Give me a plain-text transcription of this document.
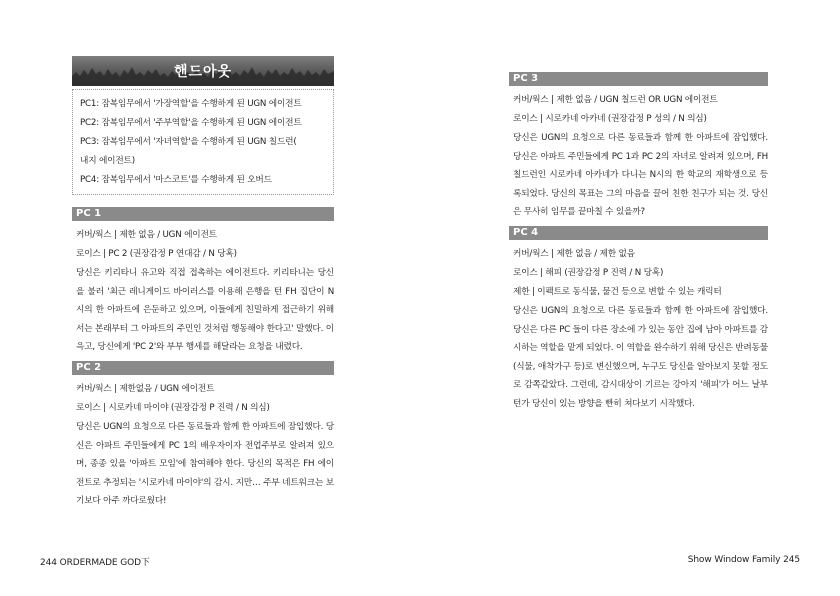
핸드아웃
PC1: 잠복임무에서 '가장역할'을 수행하게 된 UGN 에이전트
PC2: 잠복임무에서 '주부역할'을 수행하게 된 UGN 에이전트
PC3: 잠복임무에서 '자녀역할'을 수행하게 된 UGN 칠드런(
내지 에이전트)
PC4: 잠복임무에서 '마스코트'를 수행하게 된 오버드
PC 1
커버/웍스 | 제한 없음 / UGN 에이전트
로이스 | PC 2 (권장감정 P 연대감 / N 당혹)
당신은 키리타니 유고와 직접 접촉하는 에이전트다. 키리타니는 당신을 불러 '최근 레니게이드 바이러스를 이용해 은행을 턴 FH 집단이 N시의 한 아파트에 은둔하고 있으며, 이들에게 친밀하게 접근하기 위해서는 본래부터 그 아파트의 주민인 것처럼 행동해야 한다고' 말했다. 이윽고, 당신에게 'PC 2'와 부부 행세를 해달라는 요청을 내렸다.
PC 2
커버/웍스 | 제한없음 / UGN 에이전트
로이스 | 시로카네 마이야 (권장감정 P 진력 / N 의심)
당신은 UGN의 요청으로 다른 동료들과 함께 한 아파트에 잠입했다. 당신은 아파트 주민들에게 PC 1의 배우자이자 전업주부로 알려져 있으며, 종종 있을 '아파트 모임'에 참여해야 한다. 당신의 목적은 FH 에이전트로 추정되는 '시로카네 마이야'의 감시. 지만… 주부 네트워크는 보기보다 아주 까다로웠다!
PC 3
커버/웍스 | 제한 없음 / UGN 칠드런 OR UGN 에이전트
로이스 | 시로카네 아카네 (권장감정 P 성의 / N 의심)
당신은 UGN의 요청으로 다른 동료들과 함께 한 아파트에 잠입했다. 당신은 아파트 주민들에게 PC 1과 PC 2의 자녀로 알려져 있으며, FH 칠드런인 시로카네 아카네가 다니는 N시의 한 학교의 재학생으로 등록되었다. 당신의 목표는 그의 마음을 끌어 친한 친구가 되는 것. 당신은 무사히 임무를 끝마칠 수 있을까?
PC 4
커버/웍스 | 제한 없음 / 제한 없음
로이스 | 해피 (권장감정 P 진력 / N 당혹)
제한 | 이펙트로 동식물, 물건 등으로 변할 수 있는 캐릭터
당신은 UGN의 요청으로 다른 동료들과 함께 한 아파트에 잠입했다. 당신은 다른 PC 들이 다른 장소에 가 있는 동안 집에 남아 아파트를 감시하는 역할을 맡게 되었다. 이 역할을 완수하기 위해 당신은 반려동물(식물, 애착가구 등)로 변신했으며, 누구도 당신을 알아보지 못할 정도로 감쪽같았다. 그런데, 감시대상이 기르는 강아지 '해피'가 어느 날부턴가 당신이 있는 방향을 빤히 쳐다보기 시작했다.
244 ORDERMADE GOD下	Show Window Family 245
